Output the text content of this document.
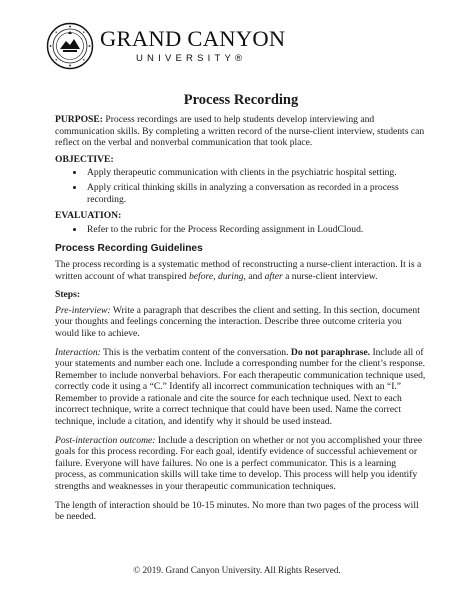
GRAND CANYON
UNIVERSITY®
Process Recording

PURPOSE: Process recordings are used to help students develop interviewing and communication skills. By completing a written record of the nurse-client interview, students can reflect on the verbal and nonverbal communication that took place.

OBJECTIVE:

• Apply therapeutic communication with clients in the psychiatric hospital setting.
• Apply critical thinking skills in analyzing a conversation as recorded in a process recording.

EVALUATION:

• Refer to the rubric for the Process Recording assignment in LoudCloud.
Process Recording Guidelines

The process recording is a systematic method of reconstructing a nurse-client interaction. It is a written account of what transpired before, during, and after a nurse-client interview.

Steps:

Pre-interview: Write a paragraph that describes the client and setting. In this section, document your thoughts and feelings concerning the interaction. Describe three outcome criteria you would like to achieve.

Interaction: This is the verbatim content of the conversation. Do not paraphrase. Include all of your statements and number each one. Include a corresponding number for the client’s response. Remember to include nonverbal behaviors. For each therapeutic communication technique used, correctly code it using a “C.” Identify all incorrect communication techniques with an “I.” Remember to provide a rationale and cite the source for each technique used. Next to each incorrect technique, write a correct technique that could have been used. Name the correct technique, include a citation, and identify why it should be used instead.

Post-interaction outcome: Include a description on whether or not you accomplished your three goals for this process recording. For each goal, identify evidence of successful achievement or failure. Everyone will have failures. No one is a perfect communicator. This is a learning process, as communication skills will take time to develop. This process will help you identify strengths and weaknesses in your therapeutic communication techniques.

The length of interaction should be 10-15 minutes. No more than two pages of the process will be needed.

© 2019. Grand Canyon University. All Rights Reserved.
